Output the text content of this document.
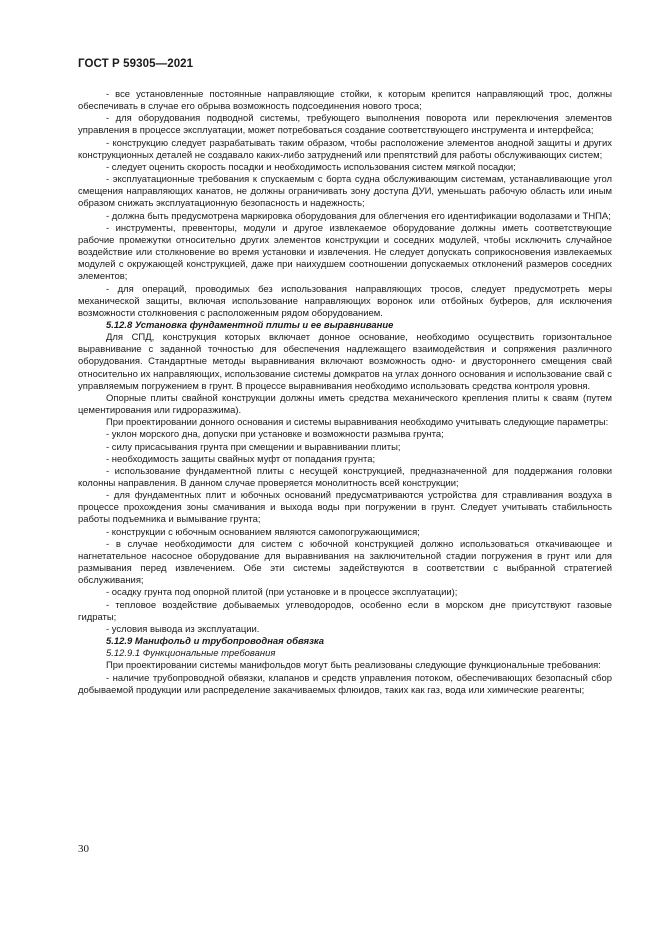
ГОСТ Р 59305—2021

- все установленные постоянные направляющие стойки, к которым крепится направляющий трос, должны обеспечивать в случае его обрыва возможность подсоединения нового троса;

- для оборудования подводной системы, требующего выполнения поворота или переключения элементов управления в процессе эксплуатации, может потребоваться создание соответствующего инструмента и интерфейса;

- конструкцию следует разрабатывать таким образом, чтобы расположение элементов анодной защиты и других конструкционных деталей не создавало каких-либо затруднений или препятствий для работы обслуживающих систем;

- следует оценить скорость посадки и необходимость использования систем мягкой посадки;

- эксплуатационные требования к спускаемым с борта судна обслуживающим системам, устанавливающие угол смещения направляющих канатов, не должны ограничивать зону доступа ДУИ, уменьшать рабочую область или иным образом снижать эксплуатационную безопасность и надежность;

- должна быть предусмотрена маркировка оборудования для облегчения его идентификации водолазами и ТНПА;

- инструменты, превенторы, модули и другое извлекаемое оборудование должны иметь соответствующие рабочие промежутки относительно других элементов конструкции и соседних модулей, чтобы исключить случайное воздействие или столкновение во время установки и извлечения. Не следует допускать соприкосновения извлекаемых модулей с окружающей конструкцией, даже при наихудшем соотношении допускаемых отклонений размеров соседних элементов;

- для операций, проводимых без использования направляющих тросов, следует предусмотреть меры механической защиты, включая использование направляющих воронок или отбойных буферов, для исключения возможности столкновения с расположенным рядом оборудованием.

5.12.8 Установка фундаментной плиты и ее выравнивание

Для СПД, конструкция которых включает донное основание, необходимо осуществить горизонтальное выравнивание с заданной точностью для обеспечения надлежащего взаимодействия и сопряжения различного оборудования. Стандартные методы выравнивания включают возможность одно- и двустороннего смещения свай относительно их направляющих, использование системы домкратов на углах донного основания и использование свай с управляемым погружением в грунт. В процессе выравнивания необходимо использовать средства контроля уровня.

Опорные плиты свайной конструкции должны иметь средства механического крепления плиты к сваям (путем цементирования или гидроразжима).

При проектировании донного основания и системы выравнивания необходимо учитывать следующие параметры:

- уклон морского дна, допуски при установке и возможности размыва грунта;

- силу присасывания грунта при смещении и выравнивании плиты;

- необходимость защиты свайных муфт от попадания грунта;

- использование фундаментной плиты с несущей конструкцией, предназначенной для поддержания головки колонны направления. В данном случае проверяется монолитность всей конструкции;

- для фундаментных плит и юбочных оснований предусматриваются устройства для стравливания воздуха в процессе прохождения зоны смачивания и выхода воды при погружении в грунт. Следует учитывать стабильность работы подъемника и вымывание грунта;

- конструкции с юбочным основанием являются самопогружающимися;

- в случае необходимости для систем с юбочной конструкцией должно использоваться откачивающее и нагнетательное насосное оборудование для выравнивания на заключительной стадии погружения в грунт или для размывания перед извлечением. Обе эти системы задействуются в соответствии с выбранной стратегией обслуживания;

- осадку грунта под опорной плитой (при установке и в процессе эксплуатации);

- тепловое воздействие добываемых углеводородов, особенно если в морском дне присутствуют газовые гидраты;

- условия вывода из эксплуатации.

5.12.9 Манифольд и трубопроводная обвязка

5.12.9.1 Функциональные требования

При проектировании системы манифольдов могут быть реализованы следующие функциональные требования:

- наличие трубопроводной обвязки, клапанов и средств управления потоком, обеспечивающих безопасный сбор добываемой продукции или распределение закачиваемых флюидов, таких как газ, вода или химические реагенты;

30
